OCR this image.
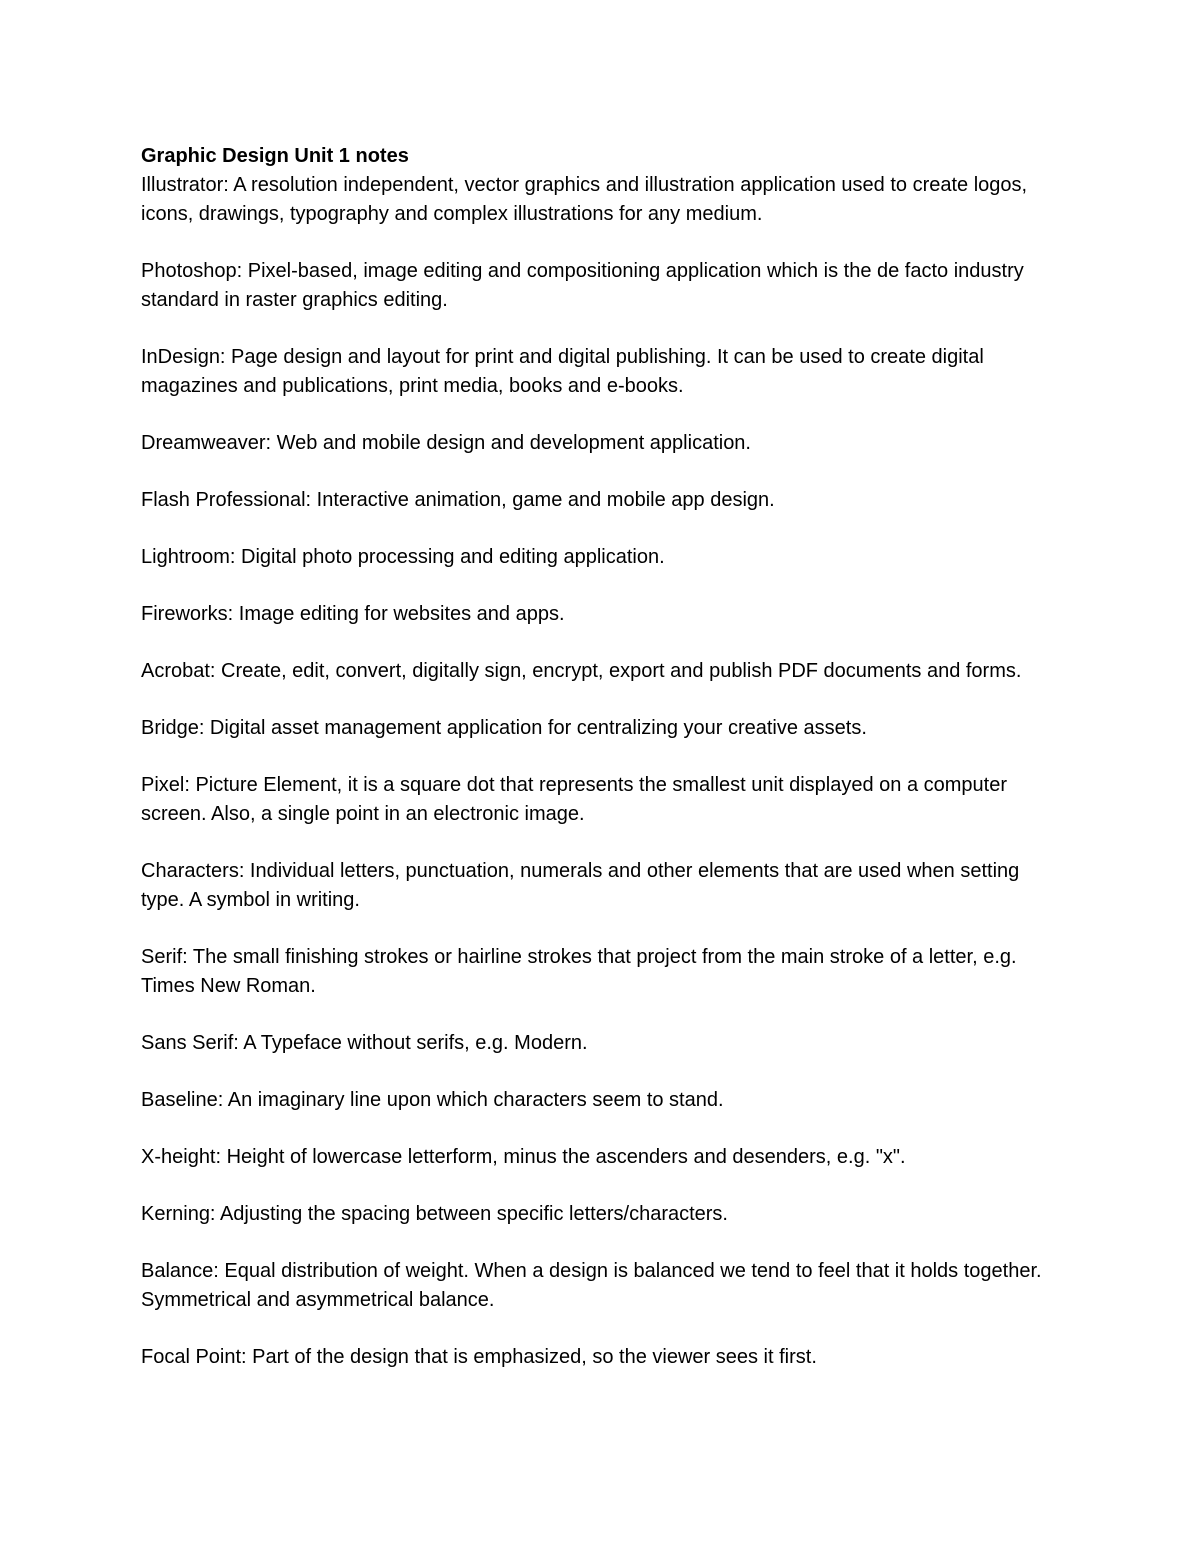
Graphic Design Unit 1 notes

Illustrator: A resolution independent, vector graphics and illustration application used to create logos, icons, drawings, typography and complex illustrations for any medium.

Photoshop: Pixel-based, image editing and compositioning application which is the de facto industry standard in raster graphics editing.

InDesign: Page design and layout for print and digital publishing. It can be used to create digital magazines and publications, print media, books and e-books.

Dreamweaver: Web and mobile design and development application.

Flash Professional: Interactive animation, game and mobile app design.

Lightroom: Digital photo processing and editing application.

Fireworks: Image editing for websites and apps.

Acrobat: Create, edit, convert, digitally sign, encrypt, export and publish PDF documents and forms.

Bridge: Digital asset management application for centralizing your creative assets.

Pixel: Picture Element, it is a square dot that represents the smallest unit displayed on a computer screen. Also, a single point in an electronic image.

Characters: Individual letters, punctuation, numerals and other elements that are used when setting type. A symbol in writing.

Serif: The small finishing strokes or hairline strokes that project from the main stroke of a letter, e.g. Times New Roman.

Sans Serif: A Typeface without serifs, e.g. Modern.

Baseline: An imaginary line upon which characters seem to stand.

X-height: Height of lowercase letterform, minus the ascenders and desenders, e.g. "x".

Kerning: Adjusting the spacing between specific letters/characters.

Balance: Equal distribution of weight. When a design is balanced we tend to feel that it holds together. Symmetrical and asymmetrical balance.

Focal Point: Part of the design that is emphasized, so the viewer sees it first.
